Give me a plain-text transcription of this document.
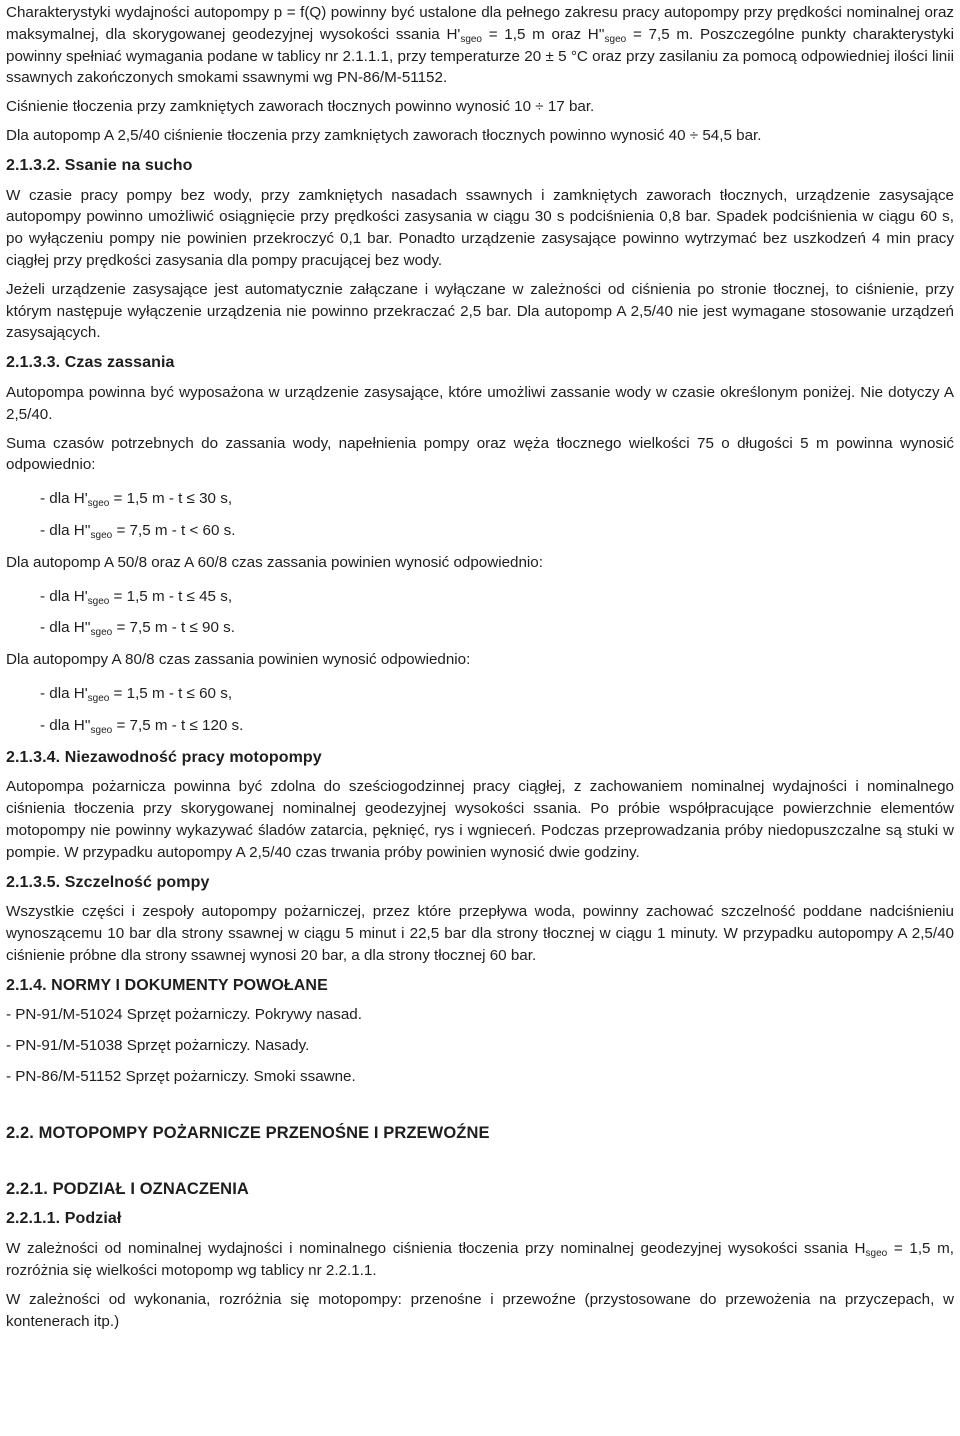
Charakterystyki wydajności autopompy p = f(Q) powinny być ustalone dla pełnego zakresu pracy autopompy przy prędkości nominalnej oraz maksymalnej, dla skorygowanej geodezyjnej wysokości ssania $H'_{sgeo} = 1,5$ m oraz $H''_{sgeo} = 7,5$ m. Poszczególne punkty charakterystyki powinny spełniać wymagania podane w tablicy nr 2.1.1.1, przy temperaturze 20 ± 5 °C oraz przy zasilaniu za pomocą odpowiedniej ilości linii ssawnych zakończonych smokami ssawnymi wg PN-86/M-51152.

Ciśnienie tłoczenia przy zamkniętych zaworach tłocznych powinno wynosić 10 ÷ 17 bar.

Dla autopomp A 2,5/40 ciśnienie tłoczenia przy zamkniętych zaworach tłocznych powinno wynosić 40 ÷ 54,5 bar.

2.1.3.2. Ssanie na sucho

W czasie pracy pompy bez wody, przy zamkniętych nasadach ssawnych i zamkniętych zaworach tłocznych, urządzenie zasysające autopompy powinno umożliwić osiągnięcie przy prędkości zasysania w ciągu 30 s podciśnienia 0,8 bar. Spadek podciśnienia w ciągu 60 s, po wyłączeniu pompy nie powinien przekroczyć 0,1 bar. Ponadto urządzenie zasysające powinno wytrzymać bez uszkodzeń 4 min pracy ciągłej przy prędkości zasysania dla pompy pracującej bez wody.

Jeżeli urządzenie zasysające jest automatycznie załączane i wyłączane w zależności od ciśnienia po stronie tłocznej, to ciśnienie, przy którym następuje wyłączenie urządzenia nie powinno przekraczać 2,5 bar. Dla autopomp A 2,5/40 nie jest wymagane stosowanie urządzeń zasysających.

2.1.3.3. Czas zassania

Autopompa powinna być wyposażona w urządzenie zasysające, które umożliwi zassanie wody w czasie określonym poniżej. Nie dotyczy A 2,5/40.

Suma czasów potrzebnych do zassania wody, napełnienia pompy oraz węża tłocznego wielkości 75 o długości 5 m powinna wynosić odpowiednio:

- dla $H'_{sgeo} = 1,5$ m - t ≤ 30 s,
- dla $H''_{sgeo} = 7,5$ m - t < 60 s.

Dla autopomp A 50/8 oraz A 60/8 czas zassania powinien wynosić odpowiednio:

- dla $H'_{sgeo} = 1,5$ m - t ≤ 45 s,
- dla $H''_{sgeo} = 7,5$ m - t ≤ 90 s.

Dla autopompy A 80/8 czas zassania powinien wynosić odpowiednio:

- dla $H'_{sgeo} = 1,5$ m - t ≤ 60 s,
- dla $H''_{sgeo} = 7,5$ m - t ≤ 120 s.
2.1.3.4. Niezawodność pracy motopompy

Autopompa pożarnicza powinna być zdolna do sześciogodzinnej pracy ciągłej, z zachowaniem nominalnej wydajności i nominalnego ciśnienia tłoczenia przy skorygowanej nominalnej geodezyjnej wysokości ssania. Po próbie współpracujące powierzchnie elementów motopompy nie powinny wykazywać śladów zatarcia, pęknięć, rys i wgnieceń. Podczas przeprowadzania próby niedopuszczalne są stuki w pompie. W przypadku autopompy A 2,5/40 czas trwania próby powinien wynosić dwie godziny.

2.1.3.5. Szczelność pompy

Wszystkie części i zespoły autopompy pożarniczej, przez które przepływa woda, powinny zachować szczelność poddane nadciśnieniu wynoszącemu 10 bar dla strony ssawnej w ciągu 5 minut i 22,5 bar dla strony tłocznej w ciągu 1 minuty. W przypadku autopompy A 2,5/40 ciśnienie próbne dla strony ssawnej wynosi 20 bar, a dla strony tłocznej 60 bar.

2.1.4. NORMY I DOKUMENTY POWOŁANE
- PN-91/M-51024 Sprzęt pożarniczy. Pokrywy nasad.
- PN-91/M-51038 Sprzęt pożarniczy. Nasady.
- PN-86/M-51152 Sprzęt pożarniczy. Smoki ssawne.
2.2. MOTOPOMPY POŻARNICZE PRZENOŚNE I PRZEWOŹNE
2.2.1. PODZIAŁ I OZNACZENIA
2.2.1.1. Podział

W zależności od nominalnej wydajności i nominalnego ciśnienia tłoczenia przy nominalnej geodezyjnej wysokości ssania $H_{sgeo} = 1,5$ m, rozróżnia się wielkości motopomp wg tablicy nr 2.2.1.1.

W zależności od wykonania, rozróżnia się motopompy: przenośne i przewoźne (przystosowane do przewożenia na przyczepach, w kontenerach itp.)
